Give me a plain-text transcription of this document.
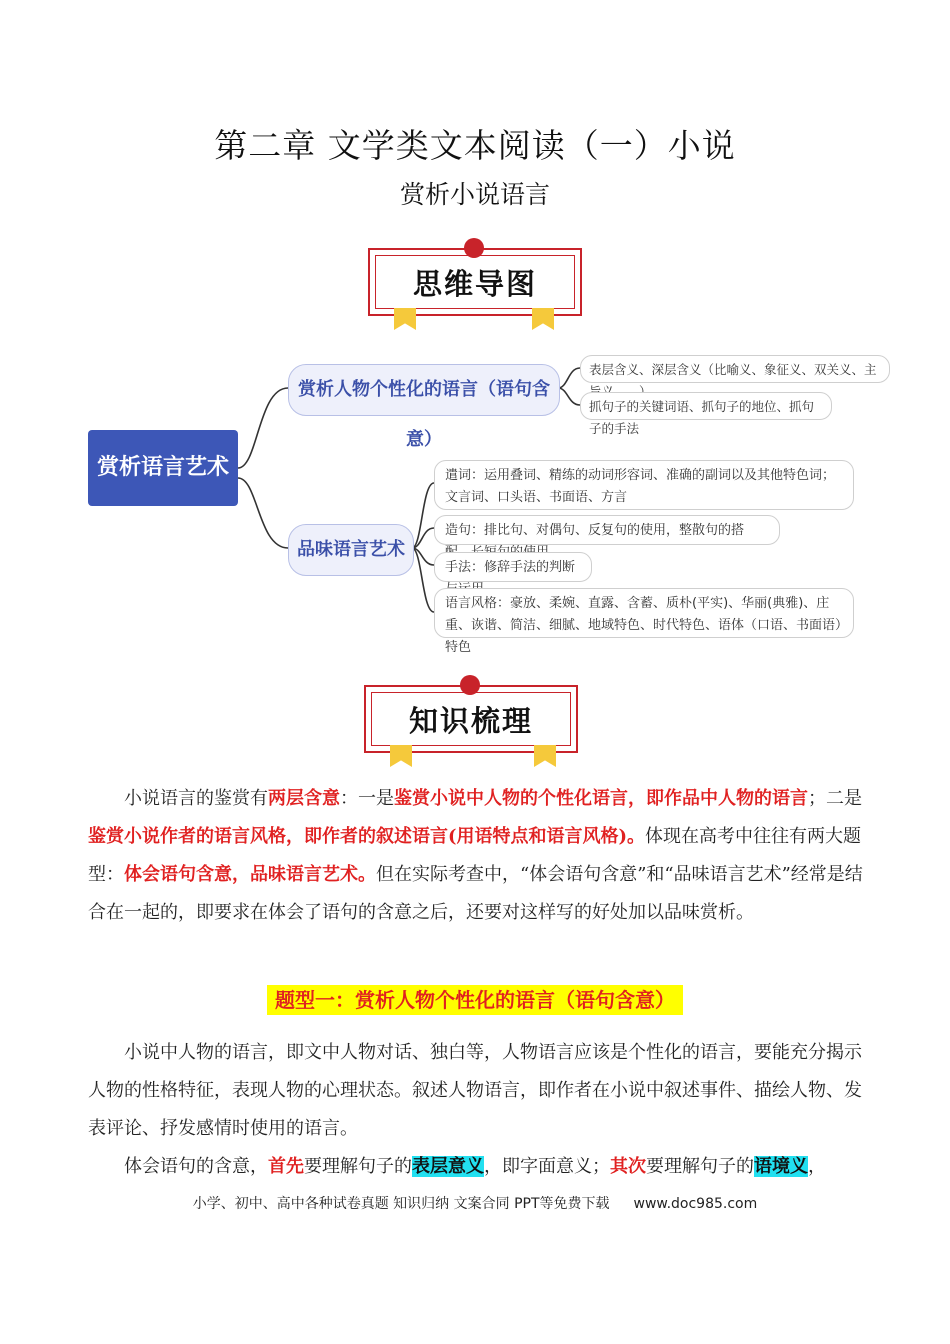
第二章 文学类文本阅读（一）小说
赏析小说语言
思维导图
赏析语言艺术
赏析人物个性化的语言（语句含意）
品味语言艺术
表层含义、深层含义（比喻义、象征义、双关义、主
抓句子的关键词语、抓句子的地位、抓句子的手法
遣词：运用叠词、精练的动词形容词、准确的副词以及其他特色词；文言词、口头语、书面语、方言
造句：排比句、对偶句、反复句的使用，整散句的搭
手法：修辞手法的判断
语言风格：豪放、柔婉、直露、含蓄、质朴(平实)、华丽(典雅)、庄重、诙谐、简洁、细腻、地域特色、时代特色、语体（口语、书面语）特色
知识梳理
小说语言的鉴赏有两层含意：一是鉴赏小说中人物的个性化语言，即作品中人物的语言；二是鉴赏小说作者的语言风格，即作者的叙述语言(用语特点和语言风格)。体现在高考中往往有两大题型：体会语句含意，品味语言艺术。但在实际考查中，“体会语句含意”和“品味语言艺术”经常是结合在一起的，即要求在体会了语句的含意之后，还要对这样写的好处加以品味赏析。
题型一：赏析人物个性化的语言（语句含意）
小说中人物的语言，即文中人物对话、独白等，人物语言应该是个性化的语言，要能充分揭示人物的性格特征，表现人物的心理状态。叙述人物语言，即作者在小说中叙述事件、描绘人物、发表评论、抒发感情时使用的语言。
体会语句的含意，首先要理解句子的表层意义，即字面意义；其次要理解句子的语境义，
小学、初中、高中各种试卷真题 知识归纳 文案合同 PPT等免费下载 www.doc985.com
